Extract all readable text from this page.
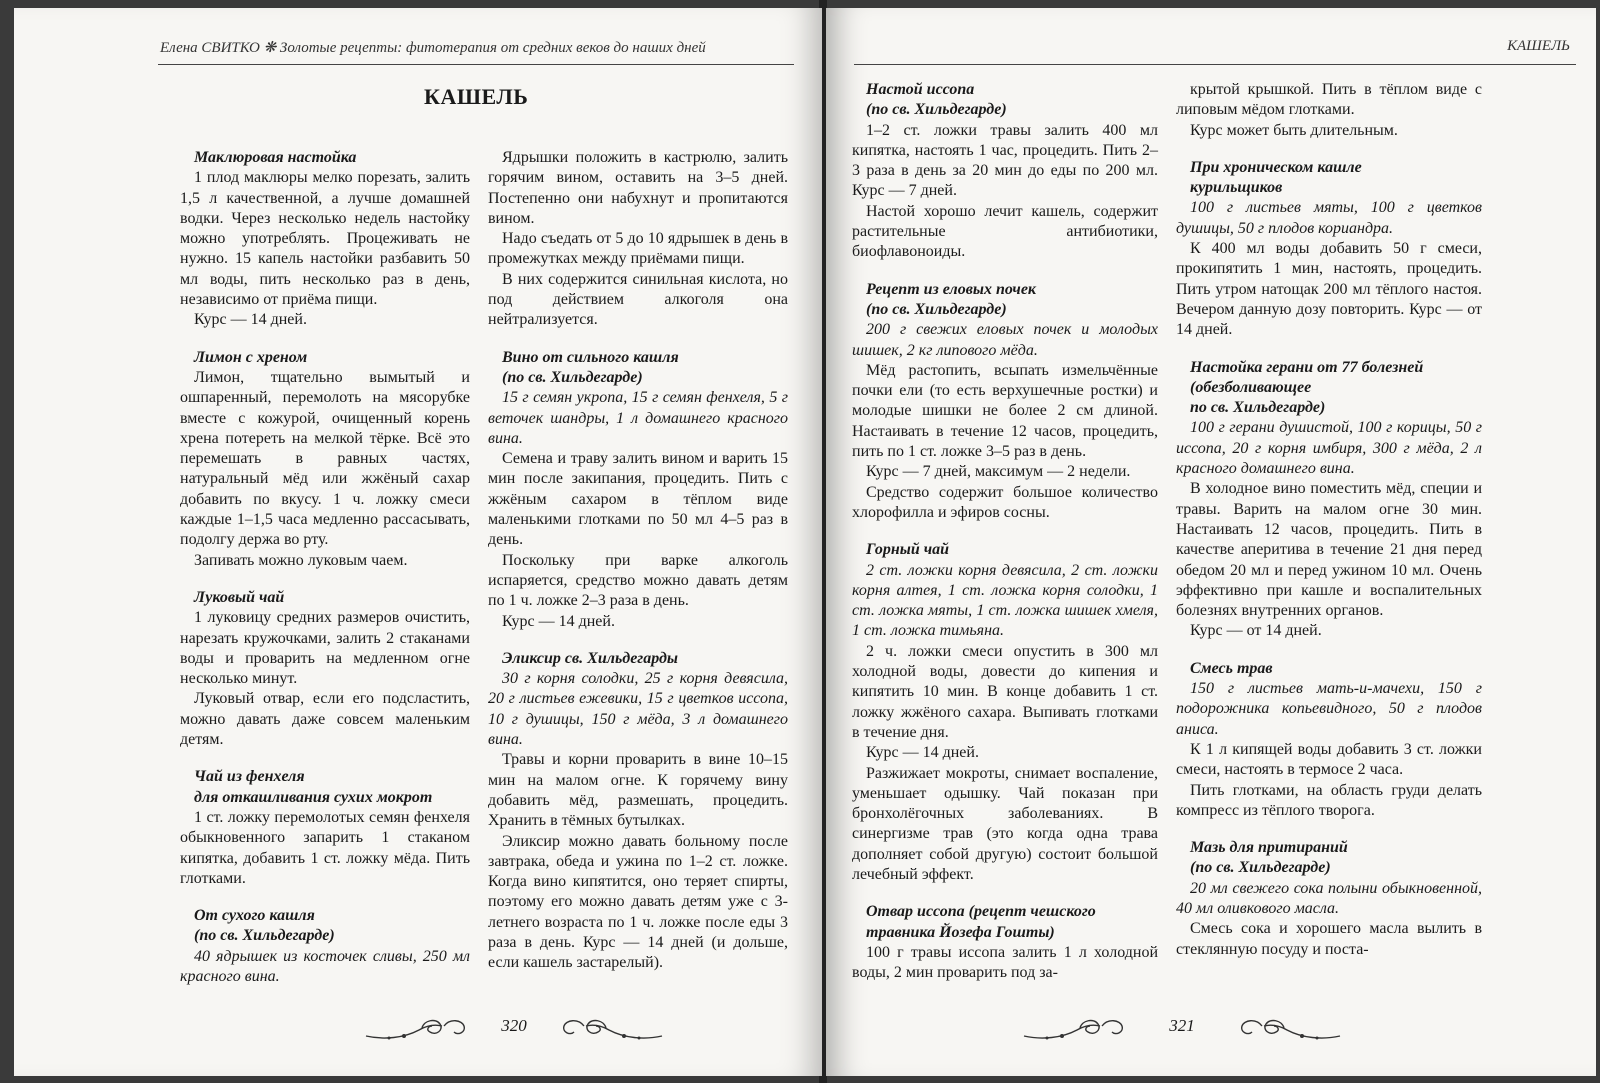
Елена СВИТКО ❋ Золотые рецепты: фитотерапия от средних веков до наших дней
КАШЕЛЬ
Маклюровая настойка

1 плод маклюры мелко порезать, залить 1,5 л качественной, а лучше домашней водки. Через несколько недель настойку можно употреблять. Процеживать не нужно. 15 капель настойки разбавить 50 мл воды, пить несколько раз в день, независимо от приёма пищи.

Курс — 14 дней.

Лимон с хреном

Лимон, тщательно вымытый и ошпаренный, перемолоть на мясорубке вместе с кожурой, очищенный корень хрена потереть на мелкой тёрке. Всё это перемешать в равных частях, натуральный мёд или жжёный сахар добавить по вкусу. 1 ч. ложку смеси каждые 1–1,5 часа медленно рассасывать, подолгу держа во рту.

Запивать можно луковым чаем.

Луковый чай

1 луковицу средних размеров очистить, нарезать кружочками, залить 2 стаканами воды и проварить на медленном огне несколько минут.

Луковый отвар, если его подсластить, можно давать даже совсем маленьким детям.

Чай из фенхеля
для откашливания сухих мокрот

1 ст. ложку перемолотых семян фенхеля обыкновенного запарить 1 стаканом кипятка, добавить 1 ст. ложку мёда. Пить глотками.

От сухого кашля
(по св. Хильдегарде)

40 ядрышек из косточек сливы, 250 мл красного вина.

Ядрышки положить в кастрюлю, залить горячим вином, оставить на 3–5 дней. Постепенно они набухнут и пропитаются вином.

Надо съедать от 5 до 10 ядрышек в день в промежутках между приёмами пищи.

В них содержится синильная кислота, но под действием алкоголя она нейтрализуется.

Вино от сильного кашля
(по св. Хильдегарде)

15 г семян укропа, 15 г семян фенхеля, 5 г веточек шандры, 1 л домашнего красного вина.

Семена и траву залить вином и варить 15 мин после закипания, процедить. Пить с жжёным сахаром в тёплом виде маленькими глотками по 50 мл 4–5 раз в день.

Поскольку при варке алкоголь испаряется, средство можно давать детям по 1 ч. ложке 2–3 раза в день.

Курс — 14 дней.

Эликсир св. Хильдегарды

30 г корня солодки, 25 г корня девясила, 20 г листьев ежевики, 15 г цветков иссопа, 10 г душицы, 150 г мёда, 3 л домашнего вина.

Травы и корни проварить в вине 10–15 мин на малом огне. К горячему вину добавить мёд, размешать, процедить. Хранить в тёмных бутылках.

Эликсир можно давать больному после завтрака, обеда и ужина по 1–2 ст. ложке. Когда вино кипятится, оно теряет спирты, поэтому его можно давать детям уже с 3-летнего возраста по 1 ч. ложке после еды 3 раза в день. Курс — 14 дней (и дольше, если кашель застарелый).

320
КАШЕЛЬ
Настой иссопа
(по св. Хильдегарде)

1–2 ст. ложки травы залить 400 мл кипятка, настоять 1 час, процедить. Пить 2–3 раза в день за 20 мин до еды по 200 мл. Курс — 7 дней.

Настой хорошо лечит кашель, содержит растительные антибиотики, биофлавоноиды.

Рецепт из еловых почек
(по св. Хильдегарде)

200 г свежих еловых почек и молодых шишек, 2 кг липового мёда.

Мёд растопить, всыпать измельчённые почки ели (то есть верхушечные ростки) и молодые шишки не более 2 см длиной. Настаивать в течение 12 часов, процедить, пить по 1 ст. ложке 3–5 раз в день.

Курс — 7 дней, максимум — 2 недели.

Средство содержит большое количество хлорофилла и эфиров сосны.

Горный чай

2 ст. ложки корня девясила, 2 ст. ложки корня алтея, 1 ст. ложка корня солодки, 1 ст. ложка мяты, 1 ст. ложка шишек хмеля, 1 ст. ложка тимьяна.

2 ч. ложки смеси опустить в 300 мл холодной воды, довести до кипения и кипятить 10 мин. В конце добавить 1 ст. ложку жжёного сахара. Выпивать глотками в течение дня.

Курс — 14 дней.

Разжижает мокроты, снимает воспаление, уменьшает одышку. Чай показан при бронхолёгочных заболеваниях. В синергизме трав (это когда одна трава дополняет собой другую) состоит большой лечебный эффект.

Отвар иссопа (рецепт чешского
травника Йозефа Гошты)

100 г травы иссопа залить 1 л холодной воды, 2 мин проварить под за-

крытой крышкой. Пить в тёплом виде с липовым мёдом глотками.

Курс может быть длительным.

При хроническом кашле
курильщиков

100 г листьев мяты, 100 г цветков душицы, 50 г плодов кориандра.

К 400 мл воды добавить 50 г смеси, прокипятить 1 мин, настоять, процедить. Пить утром натощак 200 мл тёплого настоя. Вечером данную дозу повторить. Курс — от 14 дней.

Настойка герани от 77 болезней
(обезболивающее
по св. Хильдегарде)

100 г герани душистой, 100 г корицы, 50 г иссопа, 20 г корня имбиря, 300 г мёда, 2 л красного домашнего вина.

В холодное вино поместить мёд, специи и травы. Варить на малом огне 30 мин. Настаивать 12 часов, процедить. Пить в качестве аперитива в течение 21 дня перед обедом 20 мл и перед ужином 10 мл. Очень эффективно при кашле и воспалительных болезнях внутренних органов.

Курс — от 14 дней.

Смесь трав

150 г листьев мать-и-мачехи, 150 г подорожника копьевидного, 50 г плодов аниса.

К 1 л кипящей воды добавить 3 ст. ложки смеси, настоять в термосе 2 часа.

Пить глотками, на область груди делать компресс из тёплого творога.

Мазь для притираний
(по св. Хильдегарде)

20 мл свежего сока полыни обыкновенной, 40 мл оливкового масла.

Смесь сока и хорошего масла вылить в стеклянную посуду и поста-

321
